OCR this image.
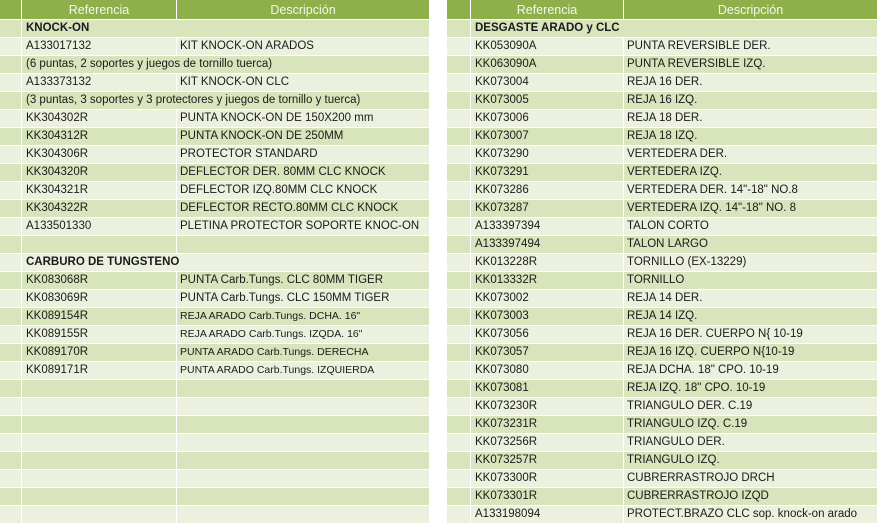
Referencia	Descripción
KNOCK-ON
A133017132	KIT KNOCK-ON ARADOS
(6 puntas, 2 soportes y juegos de tornillo tuerca)
A133373132	KIT KNOCK-ON CLC
(3 puntas, 3 soportes y 3 protectores y juegos de tornillo y tuerca)
KK304302R	PUNTA KNOCK-ON DE 150X200 mm
KK304312R	PUNTA KNOCK-ON DE 250MM
KK304306R	PROTECTOR STANDARD
KK304320R	DEFLECTOR DER. 80MM CLC KNOCK
KK304321R	DEFLECTOR IZQ.80MM CLC KNOCK
KK304322R	DEFLECTOR RECTO.80MM CLC KNOCK
A133501330	PLETINA PROTECTOR SOPORTE KNOC-ON
CARBURO DE TUNGSTENO
KK083068R	PUNTA Carb.Tungs. CLC 80MM TIGER
KK083069R	PUNTA Carb.Tungs. CLC 150MM TIGER
KK089154R	REJA ARADO Carb.Tungs. DCHA. 16"
KK089155R	REJA ARADO Carb.Tungs. IZQDA. 16"
KK089170R	PUNTA ARADO Carb.Tungs. DERECHA
KK089171R	PUNTA ARADO Carb.Tungs. IZQUIERDA
Referencia	Descripción
DESGASTE ARADO y CLC
KK053090A	PUNTA REVERSIBLE DER.
KK063090A	PUNTA REVERSIBLE IZQ.
KK073004	REJA 16 DER.
KK073005	REJA 16 IZQ.
KK073006	REJA 18 DER.
KK073007	REJA 18 IZQ.
KK073290	VERTEDERA DER.
KK073291	VERTEDERA IZQ.
KK073286	VERTEDERA DER. 14"-18" NO.8
KK073287	VERTEDERA IZQ. 14"-18" NO. 8
A133397394	TALON CORTO
A133397494	TALON LARGO
KK013228R	TORNILLO (EX-13229)
KK013332R	TORNILLO
KK073002	REJA 14 DER.
KK073003	REJA 14 IZQ.
KK073056	REJA 16 DER. CUERPO N{ 10-19
KK073057	REJA 16 IZQ. CUERPO N{10-19
KK073080	REJA DCHA. 18" CPO. 10-19
KK073081	REJA IZQ. 18" CPO. 10-19
KK073230R	TRIANGULO DER. C.19
KK073231R	TRIANGULO IZQ. C.19
KK073256R	TRIANGULO DER.
KK073257R	TRIANGULO IZQ.
KK073300R	CUBRERRASTROJO DRCH
KK073301R	CUBRERRASTROJO IZQD
A133198094	PROTECT.BRAZO CLC sop. knock-on arado
